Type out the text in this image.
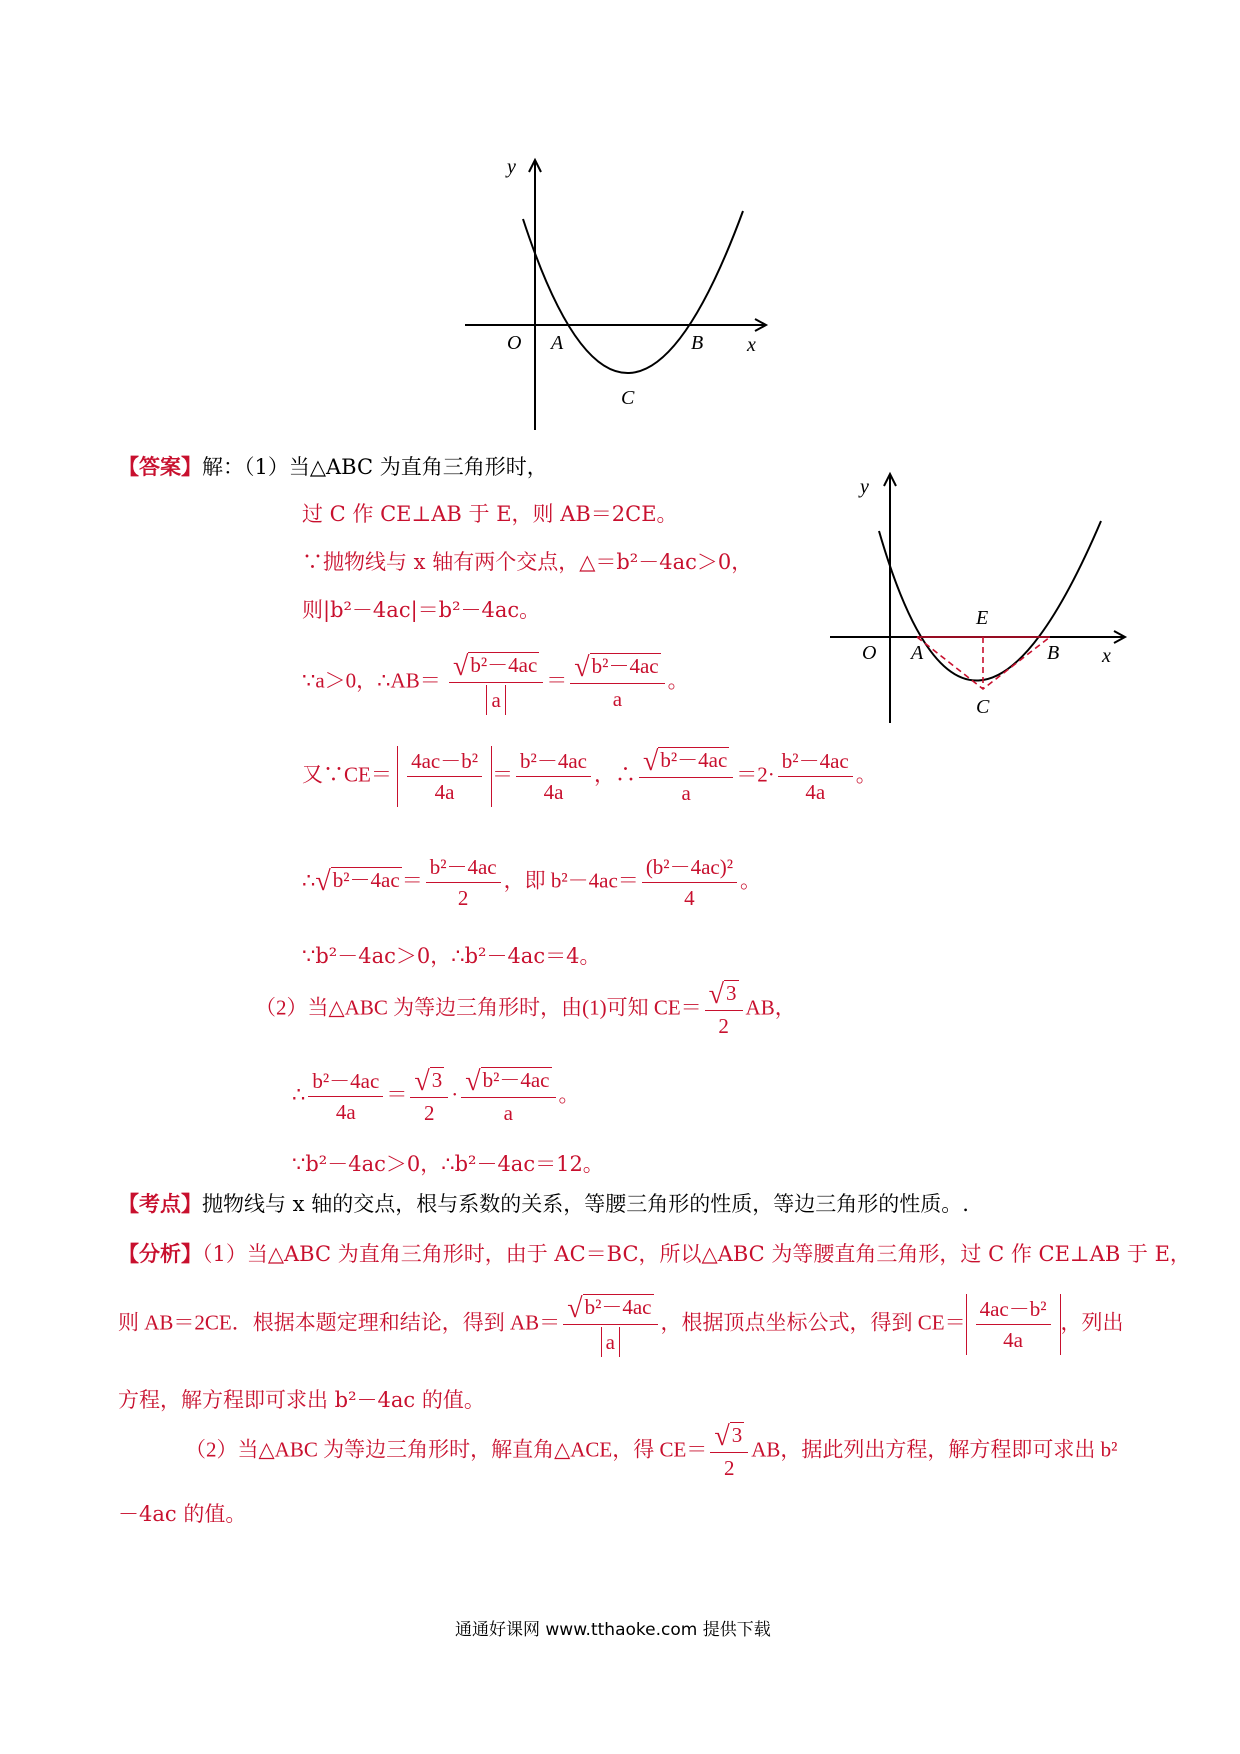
y
x
O A	B
C
y
x
O A	B
C
E
【答案】解：（1）当△ABC 为直角三角形时，
过 C 作 CE⊥AB 于 E，则 AB＝2CE。
∵抛物线与 x 轴有两个交点，△＝b²－4ac＞0，
则|b²－4ac|＝b²－4ac。
∵a＞0，∴AB＝ $\frac{\text{√b²－4ac}}{a} = \frac{\text{√b²－4ac}}{a}$ 。
又∵CE＝ $\frac{\text{4ac－b²}}{4a} = \frac{\text{b²－4ac}}{4a}$ ，∴ $\frac{\text{√b²－4ac}}{a} =2\cdot \frac{\text{b²－4ac}}{4a}$ 。
∴√b²－4ac＝ $\frac{\text{b²－4ac}}{2}$ ，即 $b^2-4ac= \frac{\text{(b²－4ac)²}}{4}$ 。
∵b²－4ac＞0，∴b²－4ac＝4。
（2）当△ABC 为等边三角形时，由(1)可知 $CE= \frac{√3}{2}$ AB，
∴ $\frac{\text{b²－4ac}}{4a} = \frac{√3}{2} \cdot \frac{\text{√b²－4ac}}{a}$ 。
∵b²－4ac＞0，∴b²－4ac＝12。
【考点】抛物线与 x 轴的交点，根与系数的关系，等腰三角形的性质，等边三角形的性质。.
【分析】（1）当△ABC 为直角三角形时，由于 AC＝BC，所以△ABC 为等腰直角三角形，过 C 作 CE⊥AB 于 E，
则 AB＝2CE．根据本题定理和结论，得到 $AB= \frac{\text{√b²－4ac}}{a}$ ，根据顶点坐标公式，得到 $CE= \frac{\text{4ac－b²}}{4a}$ ，列出
方程，解方程即可求出 b²－4ac 的值。
（2）当△ABC 为等边三角形时，解直角△ACE，得 $CE= \frac{√3}{2}$ AB，据此列出方程，解方程即可求出 b²
－4ac 的值。
通通好课网 www.tthaoke.com 提供下载
